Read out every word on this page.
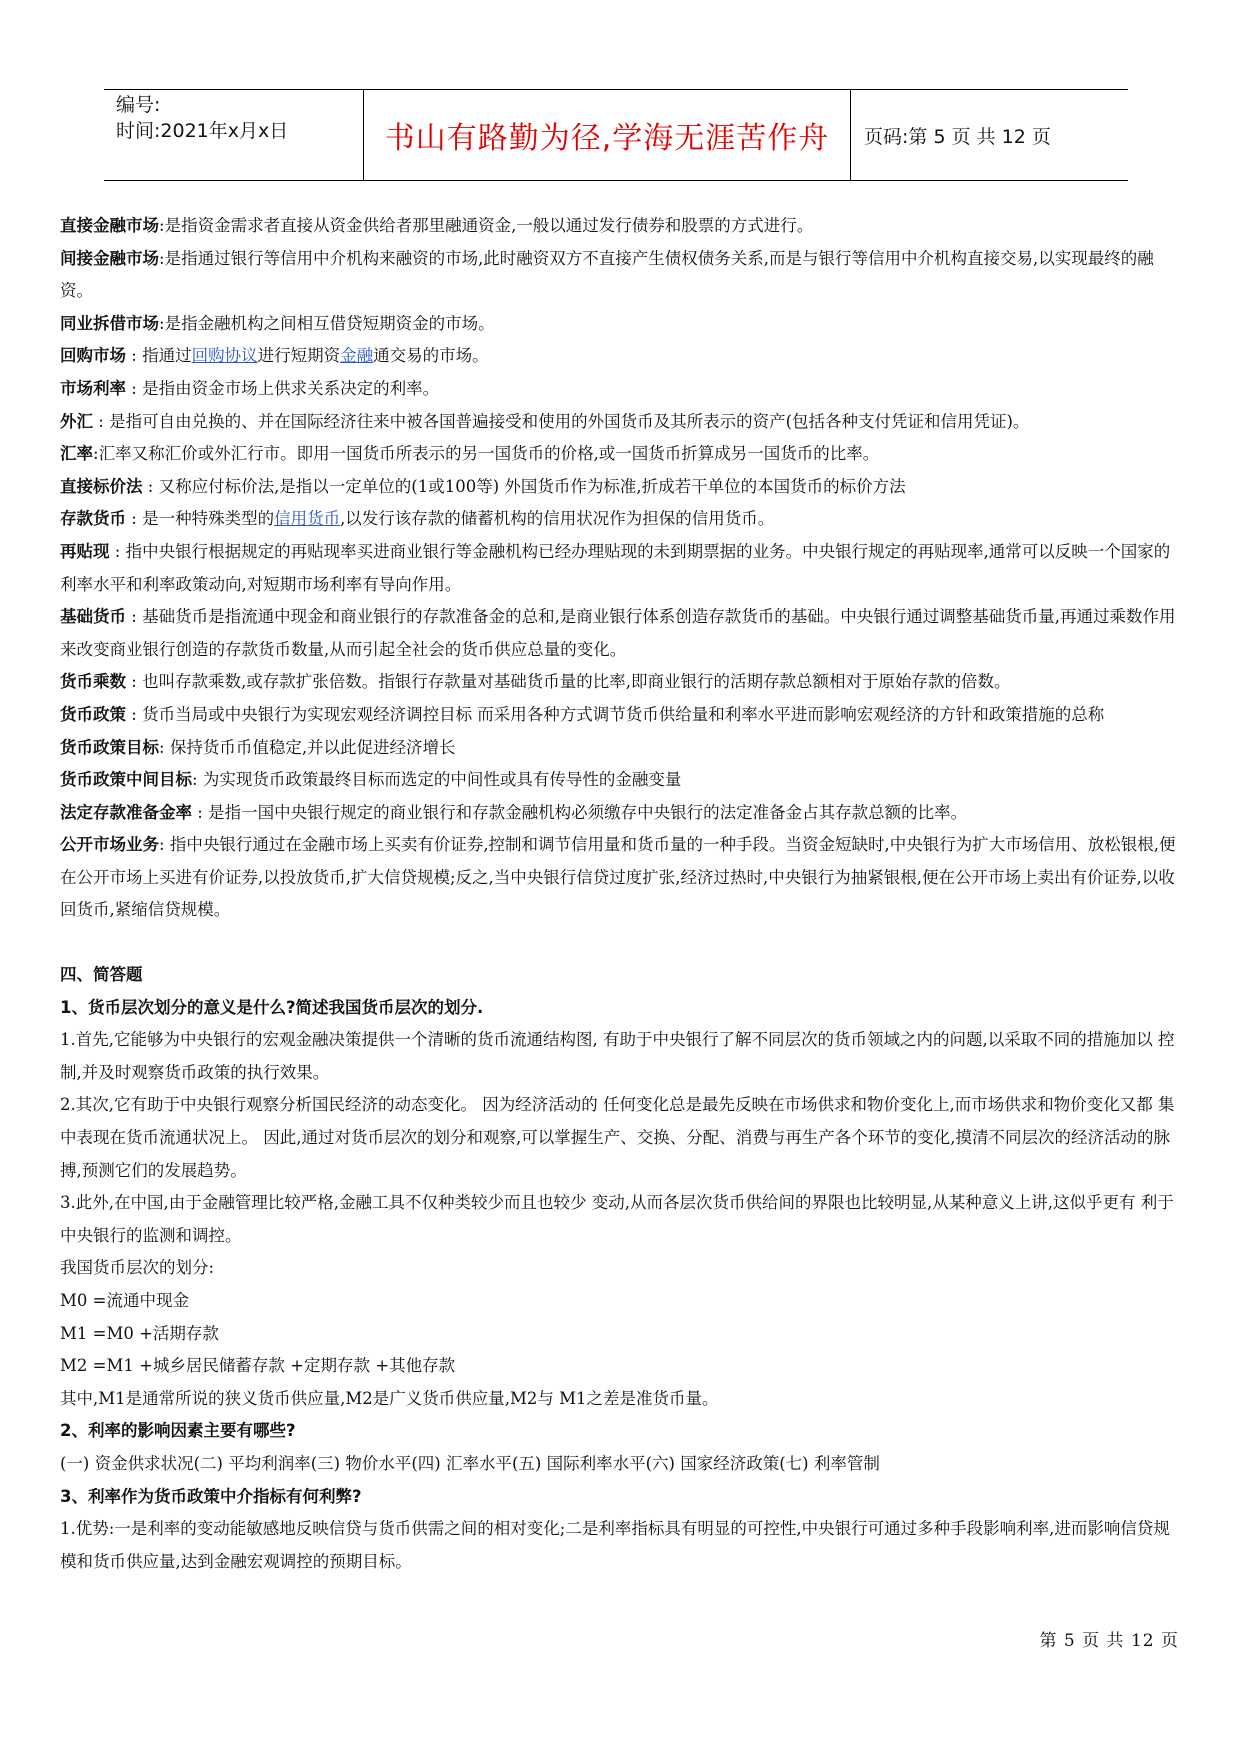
编号:
时间:2021年x月x日	书山有路勤为径,学海无涯苦作舟	页码:第 5 页 共 12 页

直接金融市场:是指资金需求者直接从资金供给者那里融通资金,一般以通过发行债券和股票的方式进行。

间接金融市场:是指通过银行等信用中介机构来融资的市场,此时融资双方不直接产生债权债务关系,而是与银行等信用中介机构直接交易,以实现最终的融资。

同业拆借市场:是指金融机构之间相互借贷短期资金的市场。

回购市场 : 指通过回购协议进行短期资金融通交易的市场。

市场利率 : 是指由资金市场上供求关系决定的利率。

外汇 : 是指可自由兑换的、并在国际经济往来中被各国普遍接受和使用的外国货币及其所表示的资产(包括各种支付凭证和信用凭证)。

汇率:汇率又称汇价或外汇行市。即用一国货币所表示的另一国货币的价格,或一国货币折算成另一国货币的比率。

直接标价法 : 又称应付标价法,是指以一定单位的(1或100等) 外国货币作为标准,折成若干单位的本国货币的标价方法

存款货币 : 是一种特殊类型的信用货币,以发行该存款的储蓄机构的信用状况作为担保的信用货币。

再贴现 : 指中央银行根据规定的再贴现率买进商业银行等金融机构已经办理贴现的未到期票据的业务。中央银行规定的再贴现率,通常可以反映一个国家的利率水平和利率政策动向,对短期市场利率有导向作用。

基础货币 : 基础货币是指流通中现金和商业银行的存款准备金的总和,是商业银行体系创造存款货币的基础。中央银行通过调整基础货币量,再通过乘数作用来改变商业银行创造的存款货币数量,从而引起全社会的货币供应总量的变化。

货币乘数 : 也叫存款乘数,或存款扩张倍数。指银行存款量对基础货币量的比率,即商业银行的活期存款总额相对于原始存款的倍数。

货币政策 : 货币当局或中央银行为实现宏观经济调控目标 而采用各种方式调节货币供给量和利率水平进而影响宏观经济的方针和政策措施的总称

货币政策目标: 保持货币币值稳定,并以此促进经济增长

货币政策中间目标: 为实现货币政策最终目标而选定的中间性或具有传导性的金融变量

法定存款准备金率 : 是指一国中央银行规定的商业银行和存款金融机构必须缴存中央银行的法定准备金占其存款总额的比率。

公开市场业务: 指中央银行通过在金融市场上买卖有价证券,控制和调节信用量和货币量的一种手段。当资金短缺时,中央银行为扩大市场信用、放松银根,便在公开市场上买进有价证券,以投放货币,扩大信贷规模;反之,当中央银行信贷过度扩张,经济过热时,中央银行为抽紧银根,便在公开市场上卖出有价证券,以收回货币,紧缩信贷规模。

四、简答题

1、货币层次划分的意义是什么?简述我国货币层次的划分.

1.首先,它能够为中央银行的宏观金融决策提供一个清晰的货币流通结构图, 有助于中央银行了解不同层次的货币领域之内的问题,以采取不同的措施加以 控制,并及时观察货币政策的执行效果。

2.其次,它有助于中央银行观察分析国民经济的动态变化。 因为经济活动的 任何变化总是最先反映在市场供求和物价变化上,而市场供求和物价变化又都 集中表现在货币流通状况上。 因此,通过对货币层次的划分和观察,可以掌握生产、交换、分配、消费与再生产各个环节的变化,摸清不同层次的经济活动的脉搏,预测它们的发展趋势。

3.此外,在中国,由于金融管理比较严格,金融工具不仅种类较少而且也较少 变动,从而各层次货币供给间的界限也比较明显,从某种意义上讲,这似乎更有 利于中央银行的监测和调控。

我国货币层次的划分:

M0 =流通中现金

M1 =M0 +活期存款

M2 =M1 +城乡居民储蓄存款 +定期存款 +其他存款

其中,M1是通常所说的狭义货币供应量,M2是广义货币供应量,M2与 M1之差是准货币量。

2、利率的影响因素主要有哪些?

(一) 资金供求状况(二) 平均利润率(三) 物价水平(四) 汇率水平(五) 国际利率水平(六) 国家经济政策(七) 利率管制

3、利率作为货币政策中介指标有何利弊?

1.优势:一是利率的变动能敏感地反映信贷与货币供需之间的相对变化;二是利率指标具有明显的可控性,中央银行可通过多种手段影响利率,进而影响信贷规模和货币供应量,达到金融宏观调控的预期目标。

第 5 页 共 12 页
